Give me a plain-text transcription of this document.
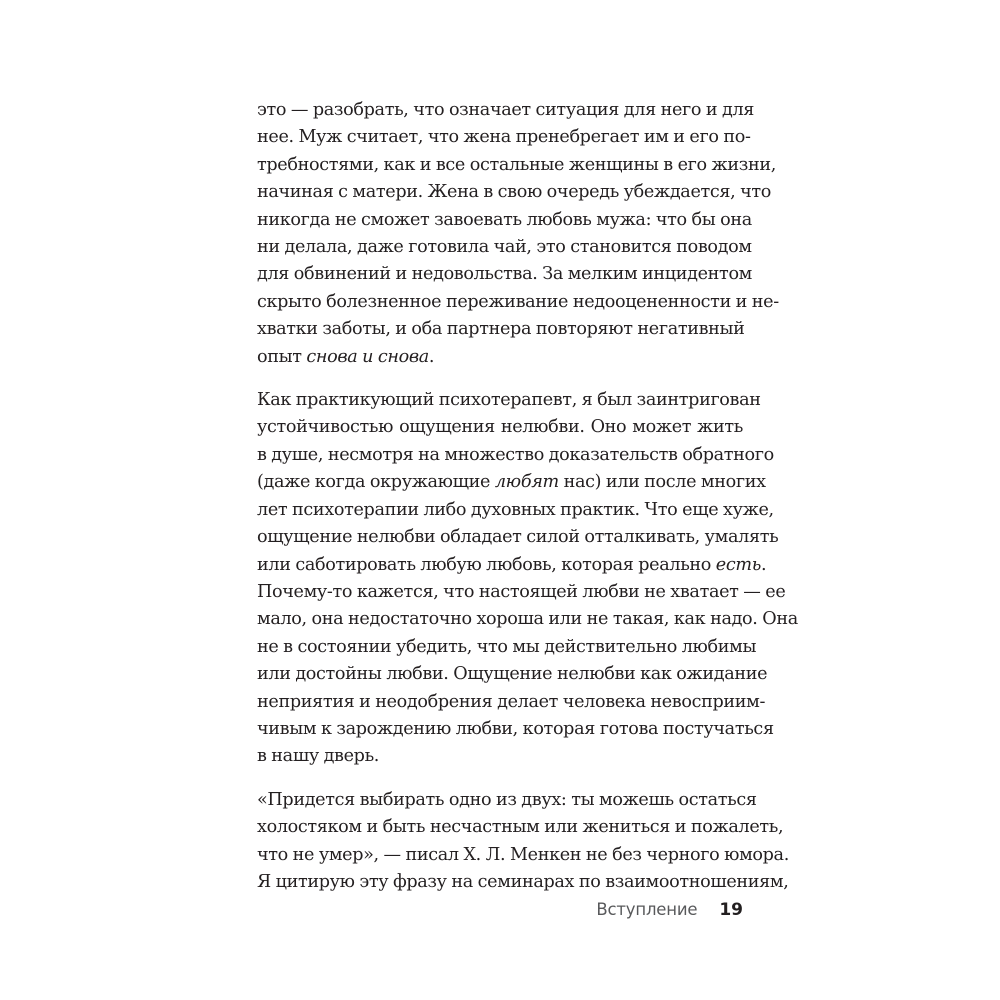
это — разобрать, что означает ситуация для него и для
нее. Муж считает, что жена пренебрегает им и его по-
требностями, как и все остальные женщины в его жизни,
начиная с матери. Жена в свою очередь убеждается, что
никогда не сможет завоевать любовь мужа: что бы она
ни делала, даже готовила чай, это становится поводом
для обвинений и недовольства. За мелким инцидентом
скрыто болезненное переживание недооцененности и не-
хватки заботы, и оба партнера повторяют негативный
опыт снова и снова.

Как практикующий психотерапевт, я был заинтригован
устойчивостью ощущения нелюбви. Оно может жить
в душе, несмотря на множество доказательств обратного
(даже когда окружающие любят нас) или после многих
лет психотерапии либо духовных практик. Что еще хуже,
ощущение нелюбви обладает силой отталкивать, умалять
или саботировать любую любовь, которая реально есть.
Почему-то кажется, что настоящей любви не хватает — ее
мало, она недостаточно хороша или не такая, как надо. Она
не в состоянии убедить, что мы действительно любимы
или достойны любви. Ощущение нелюбви как ожидание
неприятия и неодобрения делает человека невосприим-
чивым к зарождению любви, которая готова постучаться
в нашу дверь.

«Придется выбирать одно из двух: ты можешь остаться
холостяком и быть несчастным или жениться и пожалеть,
что не умер», — писал Х. Л. Менкен не без черного юмора.
Я цитирую эту фразу на семинарах по взаимоотношениям,

Вступление 19
